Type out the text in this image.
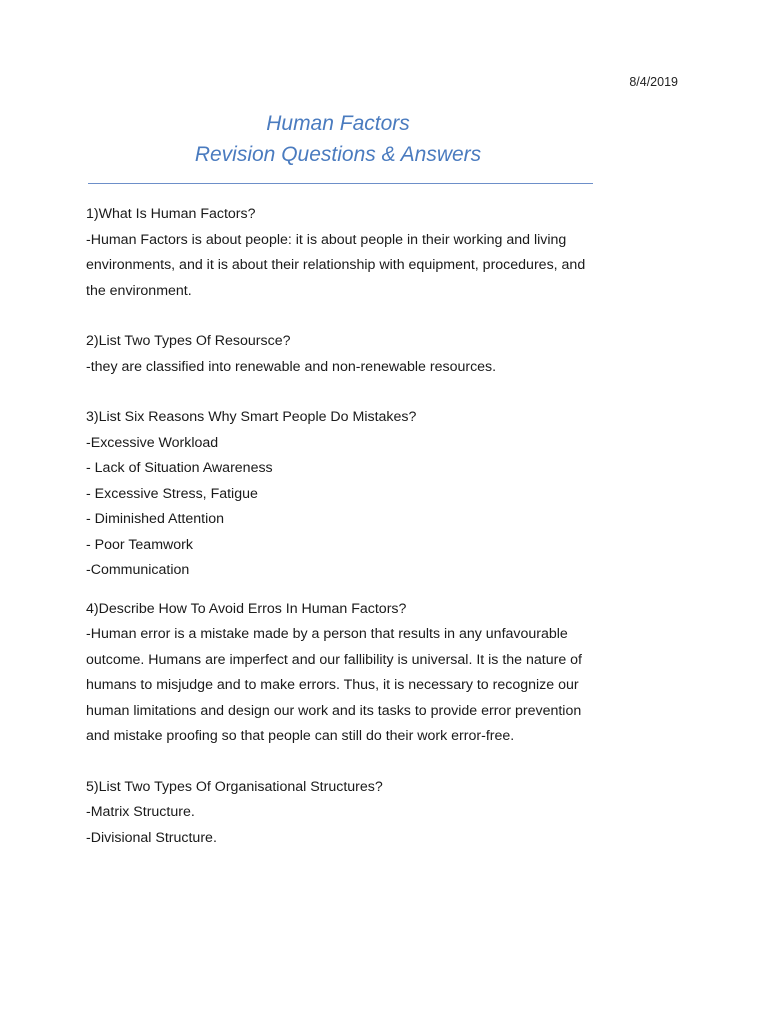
8/4/2019
Human Factors
Revision Questions & Answers
1)What Is Human Factors?
-Human Factors is about people: it is about people in their working and living
environments, and it is about their relationship with equipment, procedures, and
the environment.
2)List Two Types Of Resoursce?
-they are classified into renewable and non-renewable resources.
3)List Six Reasons Why Smart People Do Mistakes?
-Excessive Workload
- Lack of Situation Awareness
- Excessive Stress, Fatigue
- Diminished Attention
- Poor Teamwork
-Communication
4)Describe How To Avoid Erros In Human Factors?
-Human error is a mistake made by a person that results in any unfavourable
outcome. Humans are imperfect and our fallibility is universal. It is the nature of
humans to misjudge and to make errors. Thus, it is necessary to recognize our
human limitations and design our work and its tasks to provide error prevention
and mistake proofing so that people can still do their work error-free.
5)List Two Types Of Organisational Structures?
-Matrix Structure.
-Divisional Structure.
